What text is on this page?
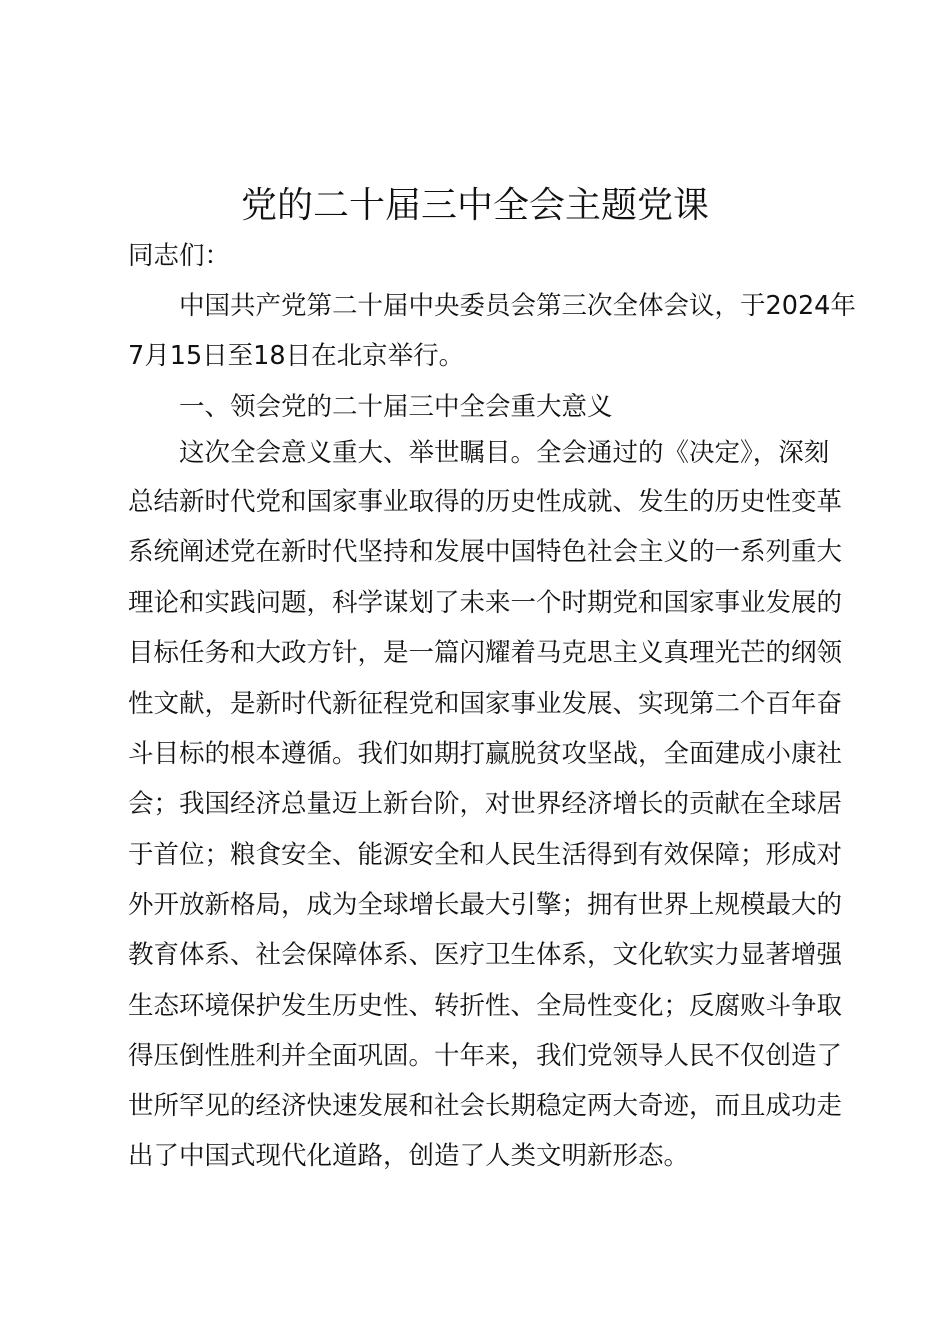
党的二十届三中全会主题党课
同志们：
中国共产党第二十届中央委员会第三次全体会议，于2024年
7月15日至18日在北京举行。
一、领会党的二十届三中全会重大意义
这次全会意义重大、举世瞩目。全会通过的《决定》，深刻
总结新时代党和国家事业取得的历史性成就、发生的历史性变革
系统阐述党在新时代坚持和发展中国特色社会主义的一系列重大
理论和实践问题，科学谋划了未来一个时期党和国家事业发展的
目标任务和大政方针，是一篇闪耀着马克思主义真理光芒的纲领
性文献，是新时代新征程党和国家事业发展、实现第二个百年奋
斗目标的根本遵循。我们如期打赢脱贫攻坚战，全面建成小康社
会；我国经济总量迈上新台阶，对世界经济增长的贡献在全球居
于首位；粮食安全、能源安全和人民生活得到有效保障；形成对
外开放新格局，成为全球增长最大引擎；拥有世界上规模最大的
教育体系、社会保障体系、医疗卫生体系，文化软实力显著增强
生态环境保护发生历史性、转折性、全局性变化；反腐败斗争取
得压倒性胜利并全面巩固。十年来，我们党领导人民不仅创造了
世所罕见的经济快速发展和社会长期稳定两大奇迹，而且成功走
出了中国式现代化道路，创造了人类文明新形态。
